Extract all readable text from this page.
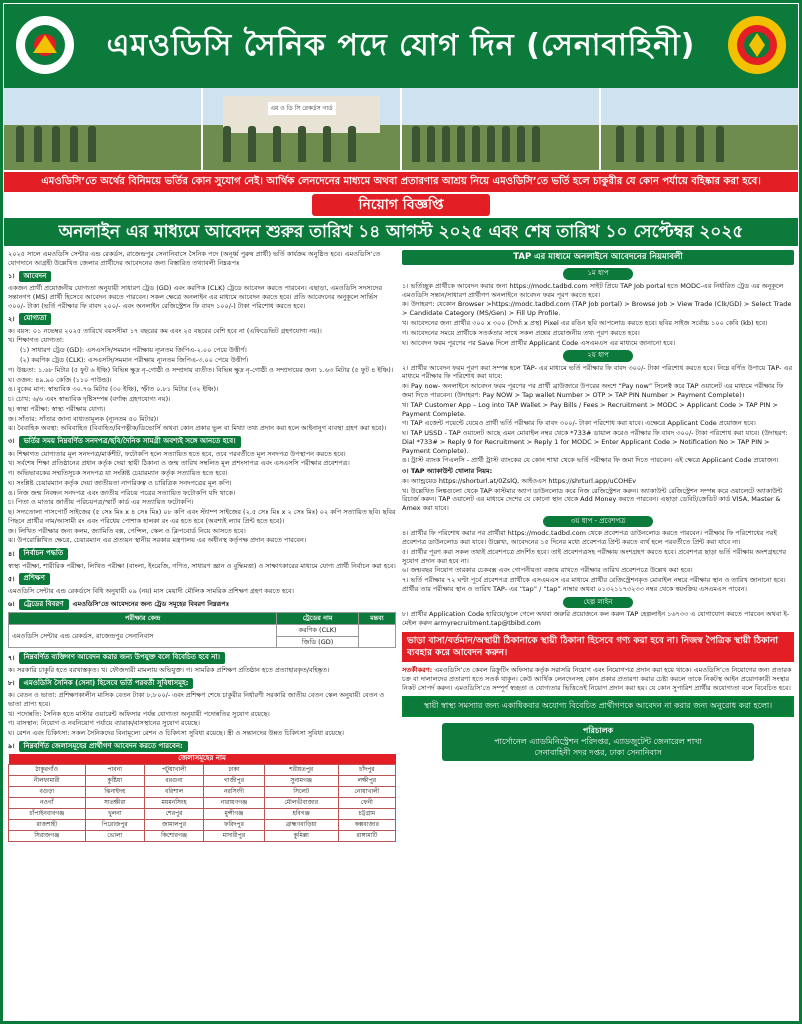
এমওডিসি সৈনিক পদে যোগ দিন (সেনাবাহিনী)
এম ও ডি সি রেকর্ডস গার্ড
এমওডিসি’তে অর্থের বিনিময়ে ভর্তির কোন সুযোগ নেই। আর্থিক লেনদেনের মাধ্যমে অথবা প্রতারণার আশ্রয় নিয়ে এমওডিসি’তে ভর্তি হলে চাকুরীর যে কোন পর্যায়ে বহিষ্কার করা হবে।
নিয়োগ বিজ্ঞপ্তি
অনলাইন এর মাধ্যমে আবেদন শুরুর তারিখ ১৪ আগস্ট ২০২৫ এবং শেষ তারিখ ১০ সেপ্টেম্বর ২০২৫

২০২৫ সালে এমওডিসি সেন্টার এন্ড রেকর্ডস, রাজেন্দ্রপুর সেনানিবাসে সৈনিক পদে (অনূর্ধ্ব পুরুষ প্রার্থী) ভর্তি কার্যক্রম অনুষ্ঠিত হবে। এমওডিসি’তে যোগদানে আগ্রহী উল্লেখিত জেলার প্রার্থীদের আবেদনের জন্য বিস্তারিত তথ্যাবলী নিম্নরূপঃ

১।	আবেদন

একজন প্রার্থী প্রয়োজনীয় যোগ্যতা অনুযায়ী সাধারণ ট্রেড (GD) এবং করণিক (CLK) ট্রেডে আবেদন করতে পারবেন। এছাড়া, এমওডিসি সদস্যদের সন্তানগণ (MS) প্রার্থী হিসেবে আবেদন করতে পারবেন। সকল ক্ষেত্রে অনলাইন এর মাধ্যমে আবেদন করতে হবে। প্রতি আবেদনের অনুকূলে সার্ভিস ৩০০/- টাকা (ভর্তি পরীক্ষার ফি বাবদ ২০০/- এবং অনলাইন রেজিস্ট্রেশন ফি বাবদ ১০০/-) টাকা পরিশোধ করতে হবে।

২।	যোগ্যতা
ক। বয়স: ০১ নভেম্বর ২০২৫ তারিখে বয়সসীমা ১৭ বছরের কম এবং ২৫ বছরের বেশি হবে না (এফিডেভিট গ্রহণযোগ্য নয়)।
খ। শিক্ষাগত যোগ্যতা:
(১) সাধারণ ট্রেড (GD): এসএসসি/সমমান পরীক্ষায় ন্যূনতম জিপিএ-২.০০ পেয়ে উত্তীর্ণ।
(২) করণিক ট্রেড (CLK): এসএসসি/সমমান পরীক্ষায় ন্যূনতম জিপিএ-৩.০০ পেয়ে উত্তীর্ণ।
গ। উচ্চতা: ১.৬৮ মিটার (৫ ফুট ৬ ইঞ্চি) বিভিন্ন ক্ষুদ্র নৃ-গোষ্ঠী ও সম্প্রদায় ব্যতীত। বিভিন্ন ক্ষুদ্র নৃ-গোষ্ঠী ও সম্প্রদায়ের জন্য ১.৬৩ মিটার (৫ ফুট ৪ ইঞ্চি)।
ঘ। ওজন: ৪৯.৯০ কেজি (১১০ পাউন্ড)।
ঙ। বুকের মাপ: স্বাভাবিক ৩০.৭৬ মিটার (৩০ ইঞ্চি), স্ফীত ০.৮১ মিটার (৩২ ইঞ্চি)।
চ। চোখ: ৬/৬ এবং স্বাভাবিক দৃষ্টিসম্পন্ন (বর্ণান্ধ গ্রহণযোগ্য নয়)।
ছ। স্বাস্থ্য পরীক্ষা: স্বাস্থ্য পরীক্ষায় যোগ্য।
জ। সাঁতার: সাঁতার জানা বাধ্যতামূলক (ন্যূনতম ৫০ মিটার)।
ঝ। বৈবাহিক অবস্থা: অবিবাহিত (বিবাহিত/বিপত্নীক/ডিভোর্সি অথবা কোন প্রকার ভুল বা মিথ্যা তথ্য প্রদান করা হলে আইনানুগ ব্যবস্থা গ্রহণ করা হবে)।
৩।	ভর্তির সময় নিম্নবর্ণিত সনদপত্র/ছবি/দৈনিক সামগ্রী অবশ্যই সঙ্গে আনতে হবে।
ক। শিক্ষাগত যোগ্যতার মূল সনদপত্র/মার্কশীট, ফটোকপি হলে সত্যায়িত হতে হবে, তবে পরবর্তীতে মূল সনদপত্র উপস্থাপন করতে হবে।
খ। সর্বশেষ শিক্ষা প্রতিষ্ঠানের প্রধান কর্তৃক দেয়া স্থায়ী ঠিকানা ও জন্ম তারিখ সম্বলিত মূল প্রশংসাপত্র এবং এসএসসি পরীক্ষার প্রবেশপত্র।
গ। অভিভাবকের সম্মতিসূচক সনদপত্র যা সংশ্লিষ্ট চেয়ারম্যান কর্তৃক সত্যায়িত হতে হবে।
ঘ। সংশ্লিষ্ট চেয়ারম্যান কর্তৃক দেয়া জাতীয়তা নাগরিকত্ব ও চারিত্রিক সনদপত্রের মূল কপি।
ঙ। নিজ জন্ম নিবন্ধন সনদপত্র এবং জাতীয় পরিচয় পত্রের সত্যায়িত ফটোকপি যদি থাকে।
চ। পিতা ও মাতার জাতীয় পরিচয়পত্র/স্মার্ট কার্ড এর সত্যায়িত ফটোকপি।
ছ। সদ্যতোলা পাসপোর্ট সাইজের (৫ সেঃ মিঃ x ৪ সেঃ মিঃ) ০৮ কপি এবং স্ট্যাম্প সাইজের (২.৫ সেঃ মিঃ x ২ সেঃ মিঃ) ০২ কপি সত্যায়িত ছবি। ছবির পিছনে প্রার্থীর নাম/আসামী রং এবং পরিধেয় পোশাক হালকা রং এর হতে হবে (অবশ্যই ল্যাব প্রিন্ট হতে হবে)।
জ। লিখিত পরীক্ষার জন্য কলম, জ্যামিতি বক্স, পেন্সিল, স্কেল ও ক্লিপবোর্ড নিয়ে আসতে হবে।
ঝ। উপরোল্লিখিত ক্ষেত্রে, চেয়ারম্যান এর প্রত্যয়ন স্থানীয় সরকার মন্ত্রণালয় এর অধীনস্থ কর্তৃপক্ষ প্রদান করতে পারবেন।
৪।	নির্বাচন পদ্ধতি

স্বাস্থ্য পরীক্ষা, শারীরিক পরীক্ষা, লিখিত পরীক্ষা (বাংলা, ইংরেজি, গণিত, সাধারণ জ্ঞান ও বুদ্ধিমত্তা) ও সাক্ষাৎকারের মাধ্যমে যোগ্য প্রার্থী নির্বাচন করা হবে।

৫।	প্রশিক্ষণ

এমওডিসি সেন্টার এন্ড রেকর্ডসে বিধি অনুযায়ী ০৯ (নয়) মাস মেয়াদী মৌলিক সামরিক প্রশিক্ষণ গ্রহণ করতে হবে।

৬।	ট্রেডের বিবরণ	এমওডিসি’তে আবেদনের জন্য ট্রেড সমূহের বিবরণ নিম্নরূপঃ
পরীক্ষার কেন্দ্র	ট্রেডের নাম	মন্তব্য
এমওডিসি সেন্টার এন্ড রেকর্ডস, রাজেন্দ্রপুর সেনানিবাস	করণিক (CLK)	
	জিডি (GD)	
৭।	নিম্নবর্ণিত ব্যক্তিগণ আবেদন করার জন্য উপযুক্ত বলে বিবেচিত হবে না।

ক। সরকারি চাকুরি হতে বরখাস্তকৃত। খ। ফৌজদারী মামলায় অভিযুক্ত। গ। সামরিক প্রশিক্ষণ প্রতিষ্ঠান হতে প্রত্যাহারকৃত/বহিষ্কৃত।

৮।	এমওডিসি সৈনিক (সেনা) হিসেবে ভর্তি পরবর্তী সুবিধাসমূহ:
ক। বেতন ও ভাতা: প্রশিক্ষণকালীন মাসিক বেতন টাকা ৮,৮০০/- এবং প্রশিক্ষণ শেষে চাকুরীর নির্ধারণী সরকারি জাতীয় বেতন স্কেল অনুযায়ী বেতন ও ভাতা প্রাপ্য হবে।
খ। পদোন্নতি: সৈনিক হতে মাস্টার ওয়ারেন্ট অফিসার পর্যন্ত যোগ্যতা অনুযায়ী পদোন্নতির সুযোগ রয়েছে।
গ। বাসস্থান: নিয়োগ ও নবনিয়োগ পর্যায়ে ব্যারাক/বাসস্থানের সুযোগ রয়েছে।
ঘ। রেশন এবং চিকিৎসা: সকল সৈনিকদের বিনামূল্যে রেশন ও চিকিৎসা সুবিধা রয়েছে। স্ত্রী ও সন্তানদের উন্নত চিকিৎসা সুবিধা রয়েছে।
৯।	নিম্নবর্ণিত জেলাসমূহের প্রার্থীগণ আবেদন করতে পারবেন:
জেলাসমূহের নাম					
ঠাকুরগাঁও	পাবনা	পটুয়াখালী	ঢাকা	শরীয়তপুর	চাঁদপুর
নীলফামারী	কুষ্টিয়া	বরগুনা	গাজীপুর	সুনামগঞ্জ	লক্ষীপুর
বগুড়া	ঝিনাইদহ	বরিশাল	নরসিংদী	সিলেট	নোয়াখালী
নওগাঁ	সাতক্ষীরা	ময়মনসিংহ	নারায়ণগঞ্জ	মৌলভীবাজার	ফেনী
চাঁপাইনবাবগঞ্জ	খুলনা	শেরপুর	মুন্সীগঞ্জ	হবিগঞ্জ	চট্টগ্রাম
রাজশাহী	পিরোজপুর	জামালপুর	ফরিদপুর	ব্রাহ্মণবাড়িয়া	কক্সবাজার
সিরাজগঞ্জ	ভোলা	কিশোরগঞ্জ	মাদারীপুর	কুমিল্লা	রাঙ্গামাটি
TAP এর মাধ্যমে অনলাইনে আবেদনের নিয়মাবলী
১ম ধাপ
১। ভর্তিচ্ছুক প্রার্থীকে আবেদন করার জন্য https://modc.tadbd.com সাইট প্রিয়ে TAP Job portal হতে MODC-এর নির্ধারিত ট্রেড এর অনুকূলে এমওডিসি সন্তান/সাধারণ প্রার্থীগণ অনলাইনে আবেদন ফরম পূরণ করতে হবে।
ক। উদাহরণ: যেকোন Browser >https://modc.tadbd.com (TAP Job portal) > Browse Job > View Trade (Clk/GD) > Select Trade > Candidate Category (MS/Gen) > Fill Up Profile.
খ। আবেদনের জন্য প্রার্থীর ৩০০ x ৩০০ (দৈর্ঘ্য x প্রস্থ) Pixel এর রঙিন ছবি আপলোড করতে হবে। ছবির সাইজ সর্বোচ্চ ১০০ কেবি (kb) হবে।
গ। আবেদনের সময়ে প্রার্থীকে সতর্কতার সাথে সকল প্রশ্নের প্রয়োজনীয় তথ্য পূরণ করতে হবে।
ঘ। আবেদন ফরম পূরণের পর Save দিলে প্রার্থীর Applicant Code এসএমএস এর মাধ্যমে জানানো হবে।
২য় ধাপ
২। প্রার্থীর আবেদন ফরম পূরণ করা সম্পন্ন হলে TAP- এর মাধ্যমে ভর্তি পরীক্ষার ফি বাবদ ৩০০/- টাকা পরিশোধ করতে হবে। নিম্নে বর্ণিত উপায়ে TAP- এর মাধ্যমে পরীক্ষার ফি পরিশোধ করা যাবে:
ক। Pay now- অনলাইনে আবেদন ফরম পূরণের পর প্রার্থী ব্রাউজারে উপরের অংশে “Pay now” সিলেক্ট করে TAP ওয়ালেট এর মাধ্যমে পরীক্ষার ফি জমা দিতে পারবেন। (উদাহরণ: Pay NOW > Tap wallet Number > OTP > TAP PIN Number > Payment Complete)।
খ। TAP Customer App – Log into TAP Wallet > Pay Bills / Fees > Recruitment > MODC > Applicant Code > TAP PIN > Payment Complete.
গ। TAP এজেন্ট পয়েন্টে যেয়েও প্রার্থী ভর্তি পরীক্ষার ফি বাবদ ৩০০/- টাকা পরিশোধ করা যাবে। এক্ষেত্রে Applicant Code প্রয়োজন হবে।
ঘ। TAP USSD - TAP ওয়ালেট আছে এমন মোবাইল নম্বর থেকে *733# ডায়াল করেও পরীক্ষার ফি বাবদ ৩০০/- টাকা পরিশোধ করা যাবে। (উদাহরণ: Dial *733# > Reply 9 for Recruitment > Reply 1 for MODC > Enter Applicant Code > Notification No > TAP PIN > Payment Complete).
ঙ। ট্রাস্ট ব্যাংক পিএলসি - প্রার্থী ট্রাস্ট ব্যাংকের যে কোন শাখা থেকে ভর্তি পরীক্ষার ফি জমা দিতে পারবেন। এই ক্ষেত্রে Applicant Code প্রয়োজন।
৩। TAP অ্যাকাউন্ট খোলার নিয়ম:
ক। অ্যান্ড্রয়েড https://shorturl.at/0ZslQ, আইওএস https://shrturl.app/uCOHEv
খ। উল্লেখিত লিঙ্কগুলো থেকে TAP কাস্টমার অ্যাপ ডাউনলোড করে নিজ রেজিস্ট্রেশন করুন। অ্যাকাউন্ট রেজিস্ট্রেশন সম্পন্ন করে ওয়ালেটে অ্যাকাউন্ট রিচার্জ করুন। TAP ওয়ালেট এর মাধ্যমে দেশের যে কোনো স্থান থেকে Add Money করতে পারবেন। এছাড়া ডেবিট/ক্রেডিট কার্ড VISA, Master & Amex করা যাবে।
৩য় ধাপ - প্রবেশপত্র
৪। প্রার্থীর ফি পরিশোধ করার পর প্রার্থীরা https://modc.tadbd.com থেকে প্রবেশপত্র ডাউনলোড করতে পারবেন। পরীক্ষার ফি পরিশোধের পরই প্রবেশপত্র ডাউনলোড করা যাবে। উল্লেখ্য, আবেদনের ১৫ দিনের মধ্যে প্রবেশপত্র প্রিন্ট করতে ব্যর্থ হলে পরবর্তীতে প্রিন্ট করা যাবে না।
৫। প্রার্থীর পূরণ করা সকল তথ্যই প্রবেশপত্রে প্রদর্শিত হবে। তাই প্রবেশপত্রসহ পরীক্ষায় অংশগ্রহণ করতে হবে। প্রবেশপত্র ছাড়া ভর্তি পরীক্ষায় অংশগ্রহণের সুযোগ প্রদান করা হবে না।
৬। জন্মবছর নিয়োগ তারকার চেকবক্স এবং গোপনীয়তা বজায় রাখতে পরীক্ষার তারিখ প্রবেশপত্রে উল্লেখ করা হবে।
৭। ভর্তি পরীক্ষার ৭২ ঘণ্টা পূর্বে প্রবেশপত্র প্রার্থীকে এসএমএস এর মাধ্যমে প্রার্থীর রেজিস্ট্রেশনকৃত মোবাইল নম্বরে পরীক্ষার স্থান ও তারিখ জানানো হবে। প্রার্থীর তার পরীক্ষার স্থান ও তারিখ TAP- এর “tap” / “tap” নাম্বার অথবা ০১৩২১১৭৩২৩৩ নম্বর থেকে স্বয়ংক্রিয় এসএমএস পাবেন।
হেল্প লাইন

৮। প্রার্থীর Application Code হারিয়ে/ভুলে গেলে অথবা জরুরি প্রয়োজনে কল করুন TAP হেল্পলাইন ১৬৭৩৩ এ যোগাযোগ করতে পারবেন অথবা ই-মেইল করুন armyrecruitment.tap@tbibd.com

ভাড়া বাসা/বর্তমান/অস্থায়ী ঠিকানাকে স্থায়ী ঠিকানা হিসেবে গণ্য করা হবে না। নিজস্ব পৈত্রিক স্থায়ী ঠিকানা ব্যবহার করে আবেদন করুন।

সতর্কীকরণ: এমওডিসি’তে কেবল রিক্রুটিং অফিসার কর্তৃক সরাসরি নিয়োগ এবং নিয়োগপত্র প্রদান করা হয়ে থাকে। এমওডিসি’তে নিয়োগের জন্য প্রতারক চক্র বা দালালদের প্রতারণা হতে সতর্ক থাকুন। কেউ আর্থিক লেনদেনসহ কোন প্রকার প্রতারণা করার চেষ্টা করলে তাকে নিকটস্থ আইন প্রয়োগকারী সংস্থার নিকট সোপর্দ করুন। এমওডিসি’তে সম্পূর্ণ স্বচ্ছতা ও যোগ্যতার ভিত্তিতেই নিয়োগ প্রদান করা হয়। যে কোন সুপারিশ প্রার্থীর অযোগ্যতা বলে বিবেচিত হবে।

স্থায়ী স্বাস্থ্য সমস্যার জন্য একাধিকবার অযোগ্য বিবেচিত প্রার্থীগণকে আবেদন না করার জন্য অনুরোধ করা হলো।
পরিচালক
পার্সোনেল এ্যাডমিনিস্ট্রেশন পরিদপ্তর, এ্যাডজুটেন্ট জেনারেল শাখা
সেনাবাহিনী সদর দপ্তর, ঢাকা সেনানিবাস
